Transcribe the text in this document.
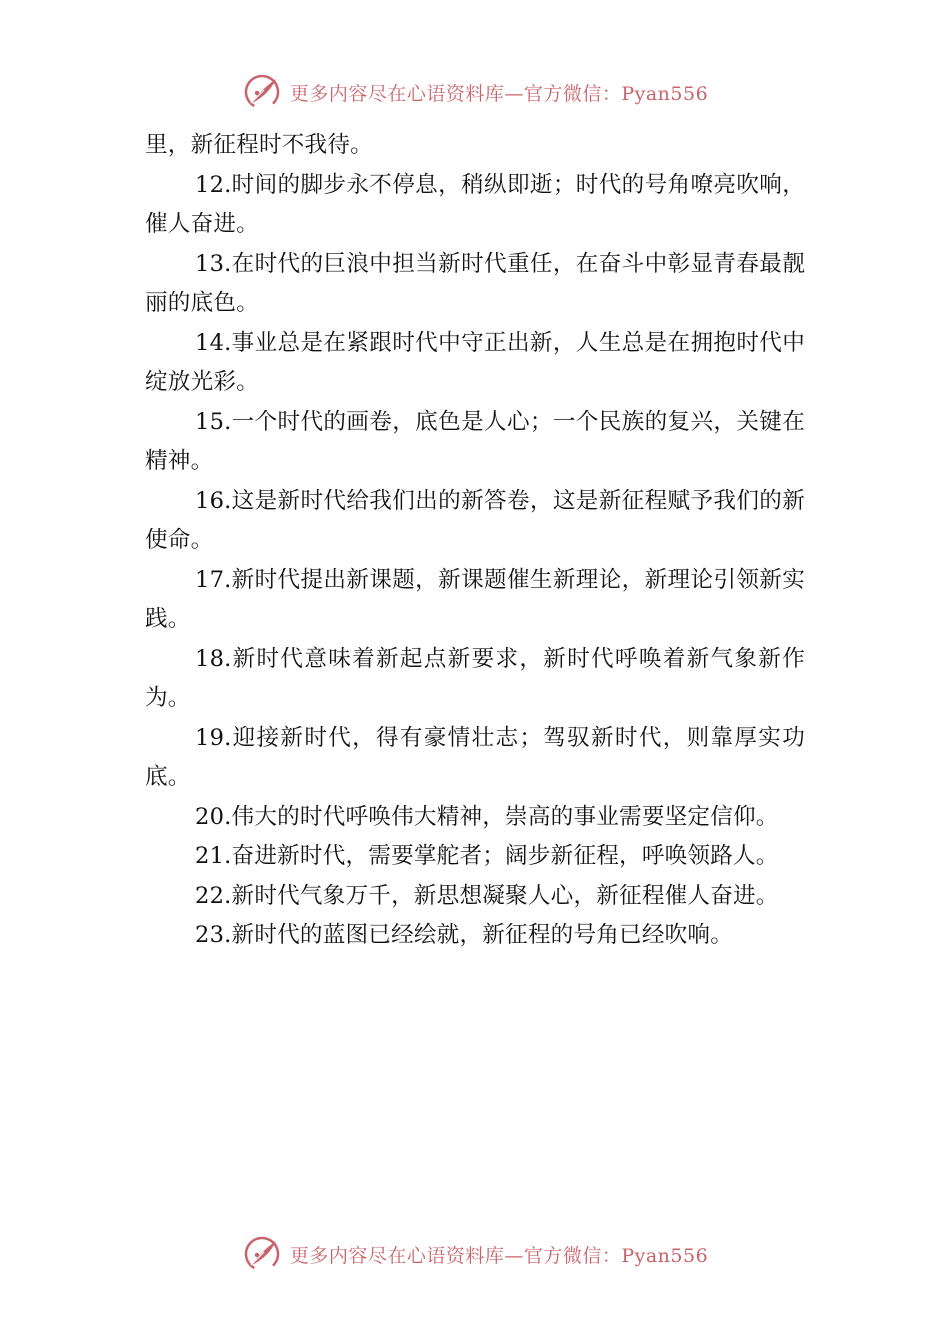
更多内容尽在心语资料库—官方微信：Pyan556

里，新征程时不我待。

12.时间的脚步永不停息，稍纵即逝；时代的号角嘹亮吹响，催人奋进。

13.在时代的巨浪中担当新时代重任，在奋斗中彰显青春最靓丽的底色。

14.事业总是在紧跟时代中守正出新，人生总是在拥抱时代中绽放光彩。

15.一个时代的画卷，底色是人心；一个民族的复兴，关键在精神。

16.这是新时代给我们出的新答卷，这是新征程赋予我们的新使命。

17.新时代提出新课题，新课题催生新理论，新理论引领新实践。

18.新时代意味着新起点新要求，新时代呼唤着新气象新作为。

19.迎接新时代，得有豪情壮志；驾驭新时代，则靠厚实功底。

20.伟大的时代呼唤伟大精神，崇高的事业需要坚定信仰。

21.奋进新时代，需要掌舵者；阔步新征程，呼唤领路人。

22.新时代气象万千，新思想凝聚人心，新征程催人奋进。

23.新时代的蓝图已经绘就，新征程的号角已经吹响。

更多内容尽在心语资料库—官方微信：Pyan556
